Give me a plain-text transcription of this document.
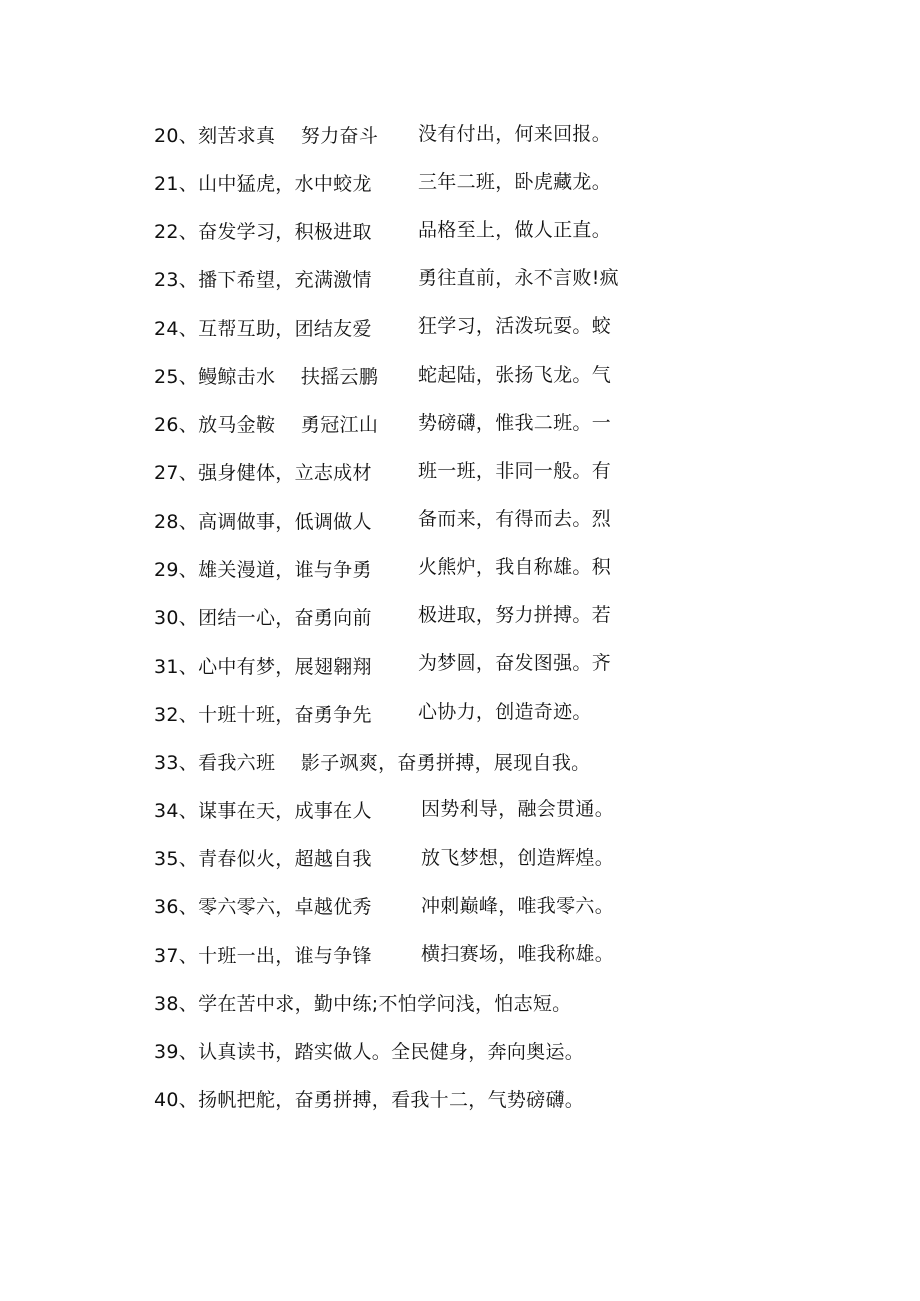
20、刻苦求真　 努力奋斗
21、山中猛虎，水中蛟龙
22、奋发学习，积极进取
23、播下希望，充满激情
24、互帮互助，团结友爱
25、鳗鲸击水　 扶摇云鹏
26、放马金鞍　 勇冠江山
27、强身健体，立志成材
28、高调做事，低调做人
29、雄关漫道，谁与争勇
30、团结一心，奋勇向前
31、心中有梦，展翅翱翔
32、十班十班，奋勇争先
没有付出，何来回报。
三年二班，卧虎藏龙。
品格至上，做人正直。
勇往直前，永不言败!疯
狂学习，活泼玩耍。蛟
蛇起陆，张扬飞龙。气
势磅礴，惟我二班。一
班一班，非同一般。有
备而来，有得而去。烈
火熊炉，我自称雄。积
极进取，努力拼搏。若
为梦圆，奋发图强。齐
心协力，创造奇迹。
33、看我六班　 影子飒爽，奋勇拼搏，展现自我。
34、谋事在天，成事在人
35、青春似火，超越自我
36、零六零六，卓越优秀
37、十班一出，谁与争锋
因势利导，融会贯通。
放飞梦想，创造辉煌。
冲刺巅峰，唯我零六。
横扫赛场，唯我称雄。
38、学在苦中求，勤中练;不怕学问浅，怕志短。
39、认真读书，踏实做人。全民健身，奔向奥运。
40、扬帆把舵，奋勇拼搏，看我十二，气势磅礴。
